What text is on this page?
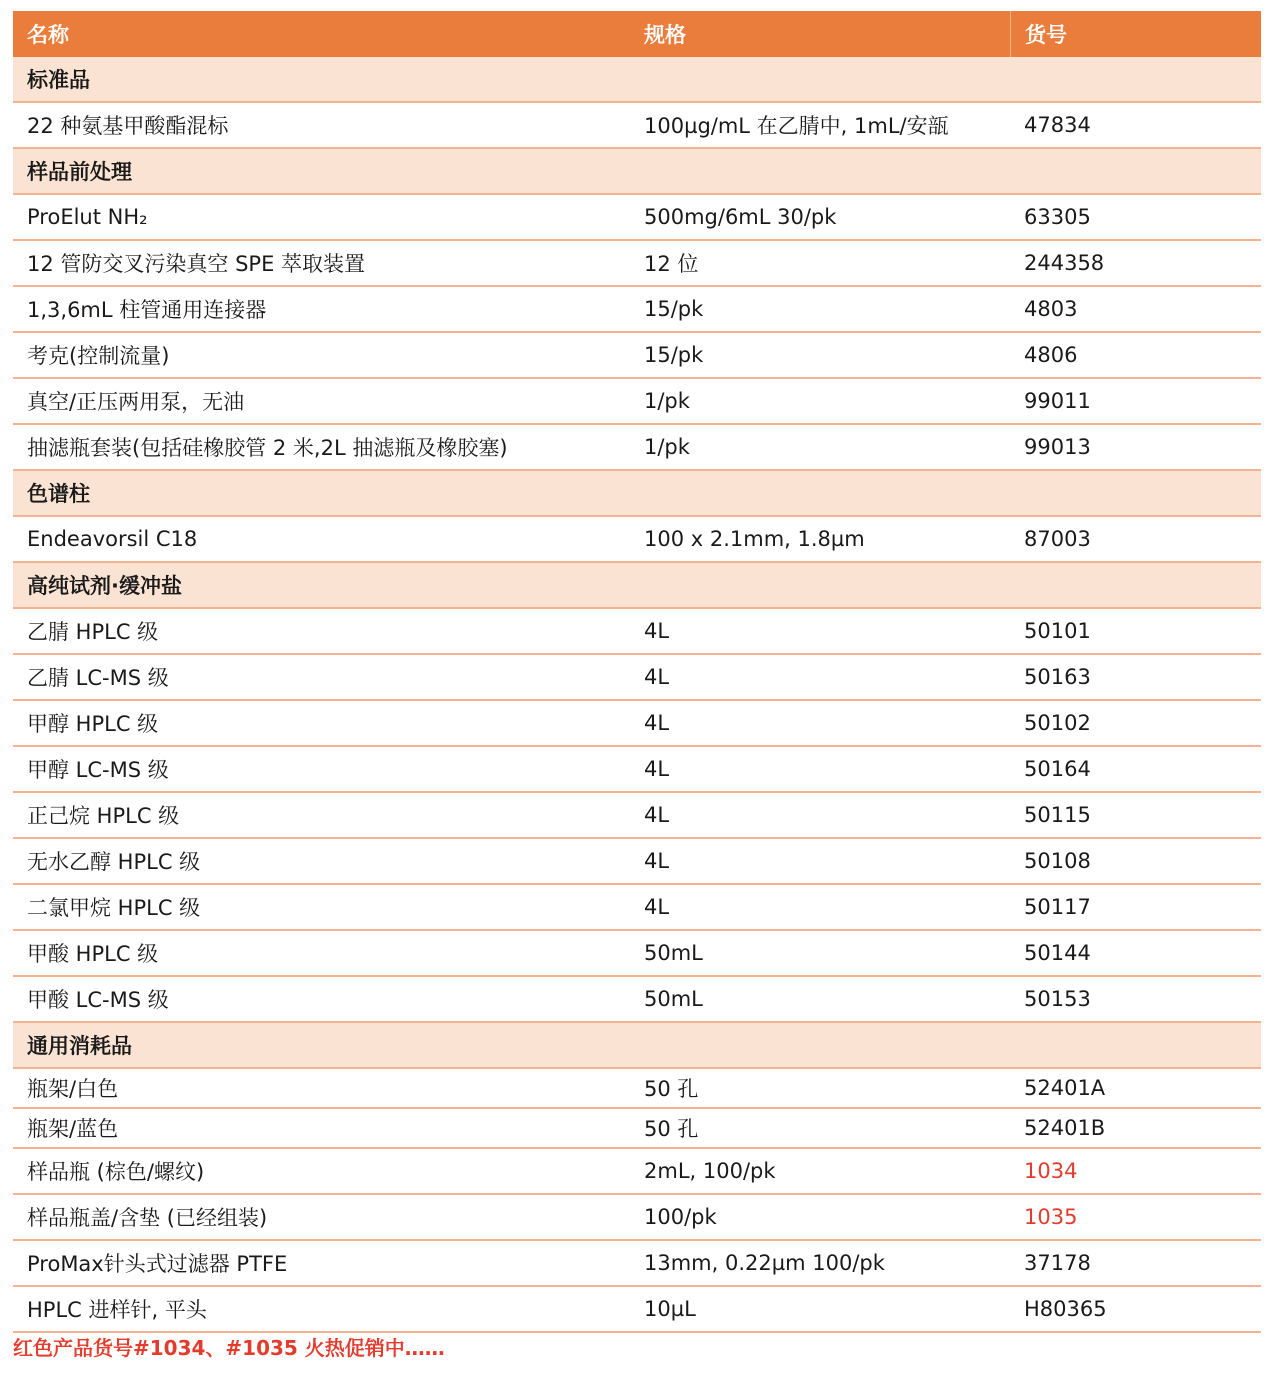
名称	规格	货号
标准品
22 种氨基甲酸酯混标	100µg/mL 在乙腈中, 1mL/安瓿	47834
样品前处理
ProElut NH₂	500mg/6mL 30/pk	63305
12 管防交叉污染真空 SPE 萃取装置	12 位	244358
1,3,6mL 柱管通用连接器	15/pk	4803
考克(控制流量)	15/pk	4806
真空/正压两用泵，无油	1/pk	99011
抽滤瓶套装(包括硅橡胶管 2 米,2L 抽滤瓶及橡胶塞)	1/pk	99013
色谱柱
Endeavorsil C18	100 x 2.1mm, 1.8µm	87003
高纯试剂·缓冲盐
乙腈 HPLC 级	4L	50101
乙腈 LC-MS 级	4L	50163
甲醇 HPLC 级	4L	50102
甲醇 LC-MS 级	4L	50164
正己烷 HPLC 级	4L	50115
无水乙醇 HPLC 级	4L	50108
二氯甲烷 HPLC 级	4L	50117
甲酸 HPLC 级	50mL	50144
甲酸 LC-MS 级	50mL	50153
通用消耗品
瓶架/白色	50 孔	52401A
瓶架/蓝色	50 孔	52401B
样品瓶 (棕色/螺纹)	2mL, 100/pk	1034
样品瓶盖/含垫 (已经组装)	100/pk	1035
ProMax针头式过滤器 PTFE	13mm, 0.22µm 100/pk	37178
HPLC 进样针, 平头	10µL	H80365
红色产品货号#1034、#1035 火热促销中……
